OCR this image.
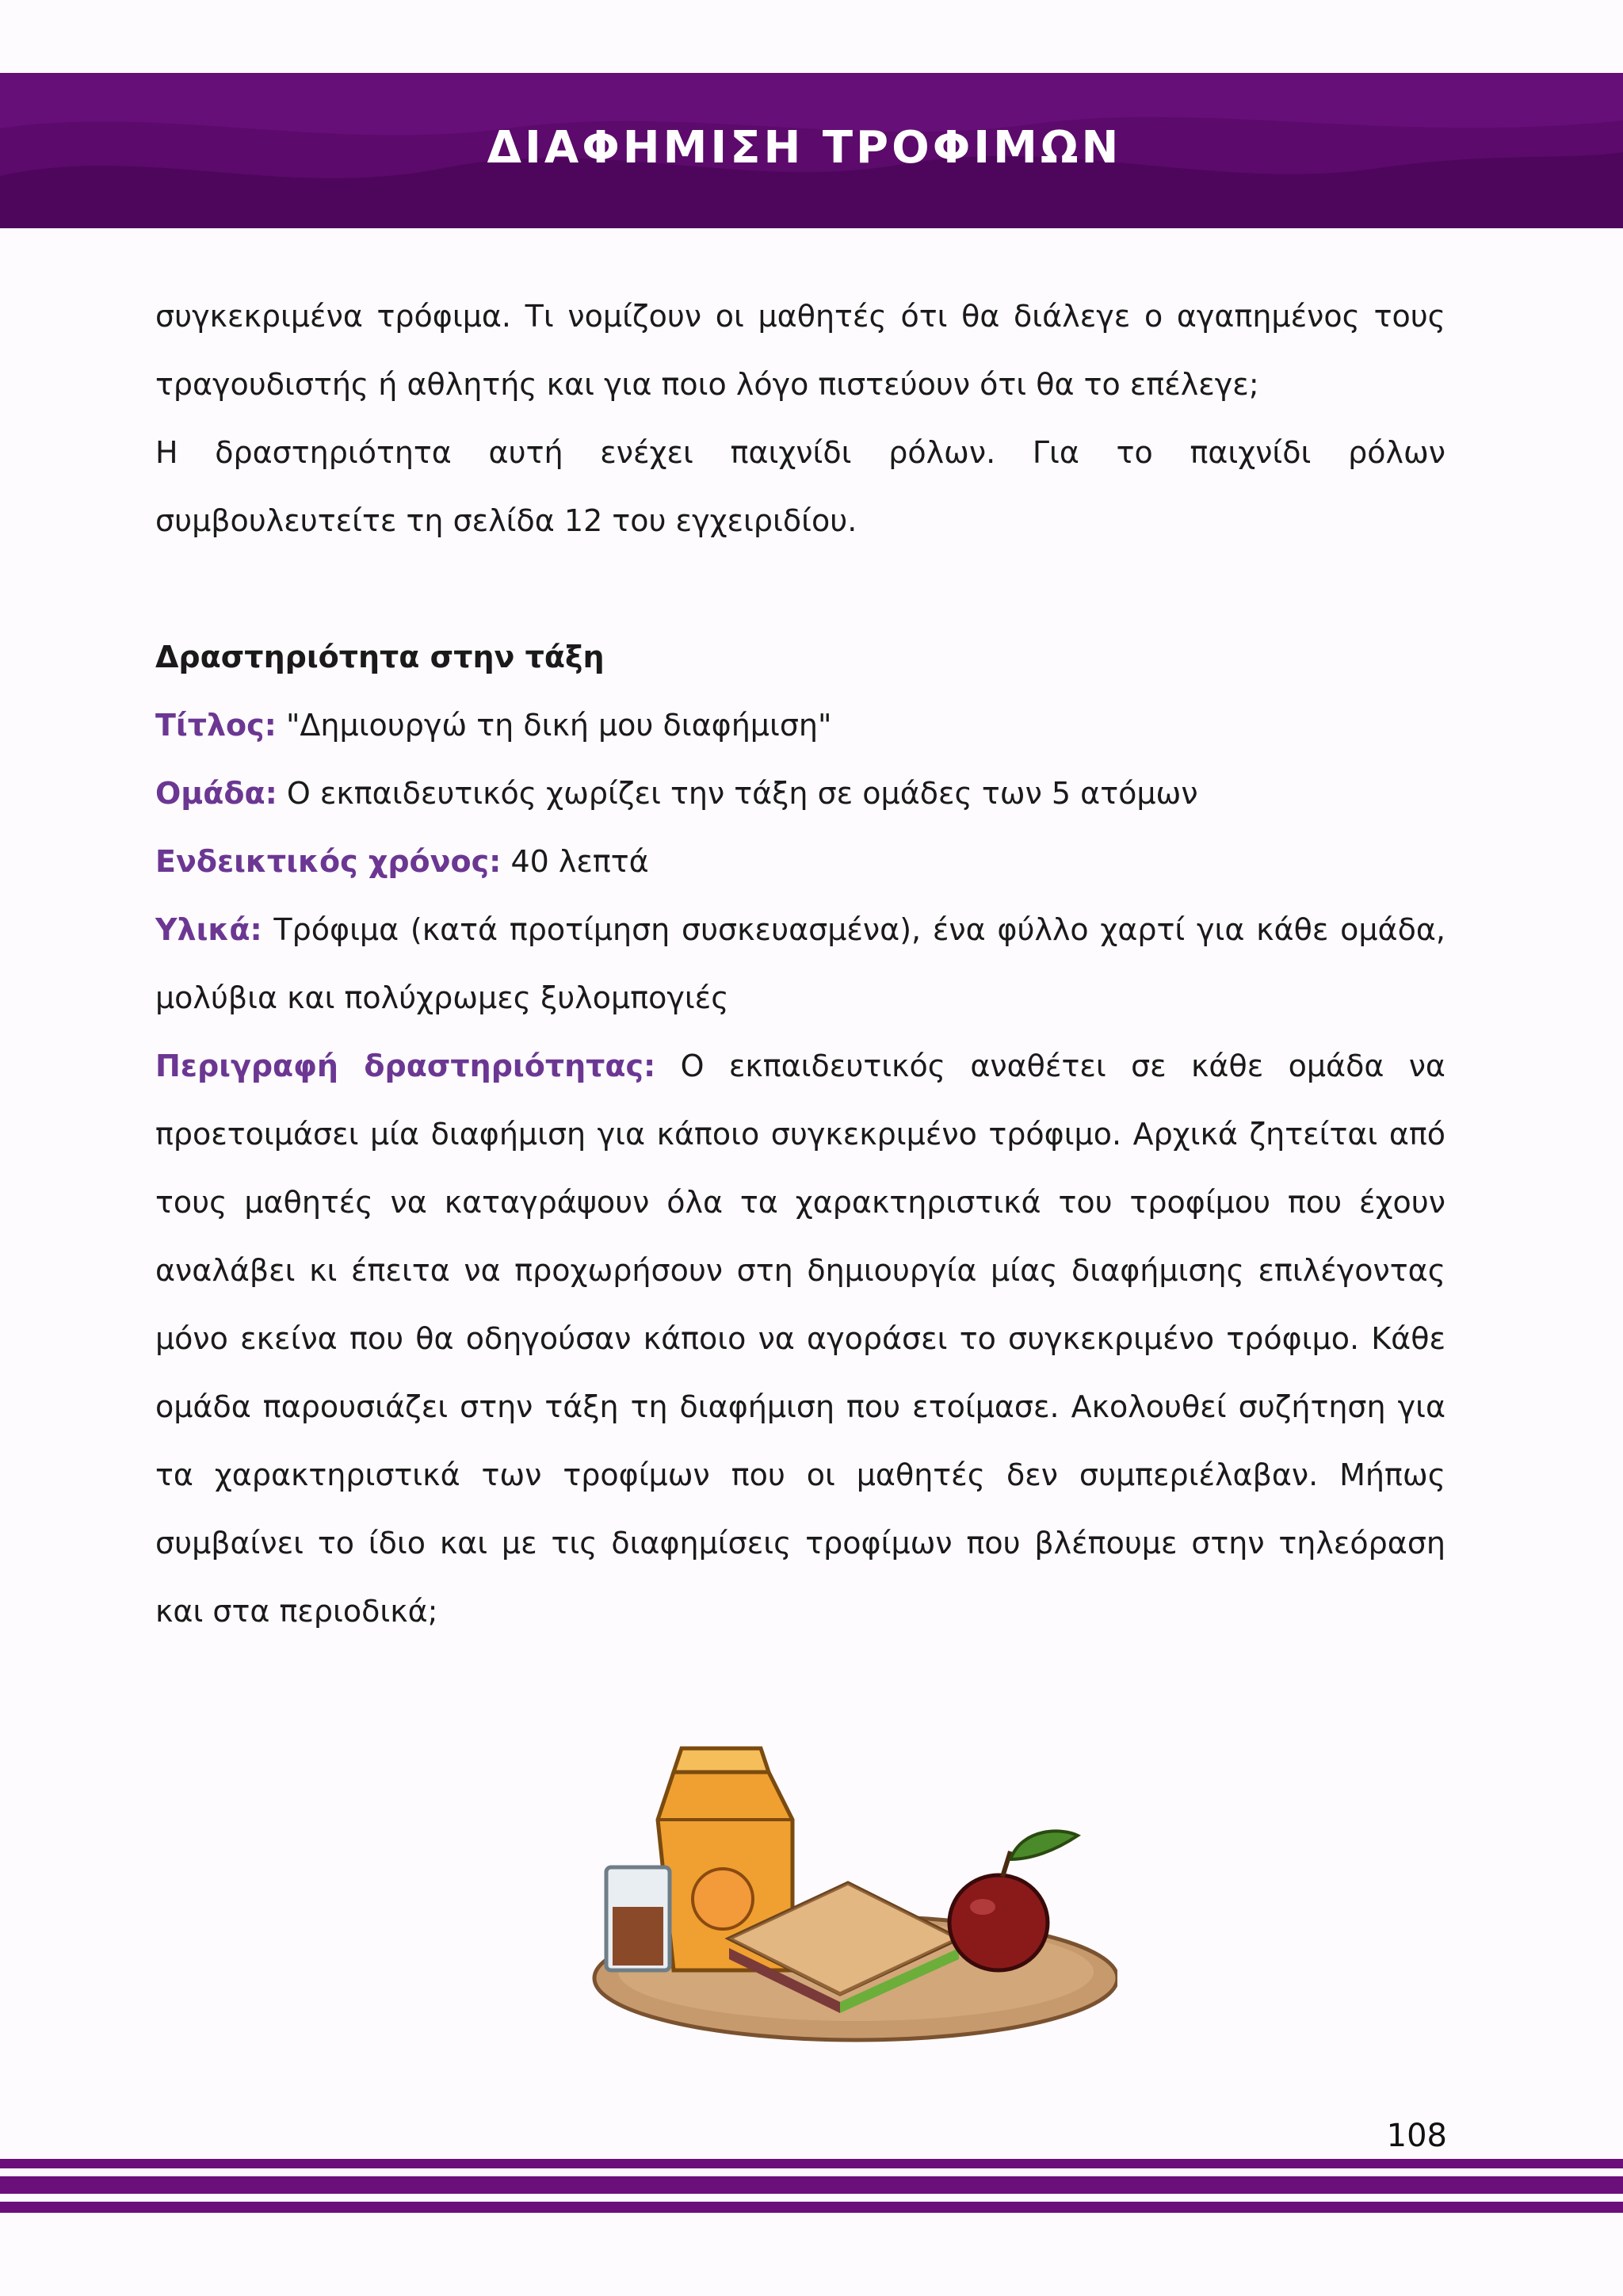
ΔΙΑΦΗΜΙΣΗ ΤΡΟΦΙΜΩΝ

συγκεκριμένα τρόφιμα. Τι νομίζουν οι μαθητές ότι θα διάλεγε ο αγαπημένος τους τραγουδιστής ή αθλητής και για ποιο λόγο πιστεύουν ότι θα το επέλεγε;

Η δραστηριότητα αυτή ενέχει παιχνίδι ρόλων. Για το παιχνίδι ρόλων συμβουλευτείτε τη σελίδα 12 του εγχειριδίου.

Δραστηριότητα στην τάξη

Τίτλος: "Δημιουργώ τη δική μου διαφήμιση"

Ομάδα: Ο εκπαιδευτικός χωρίζει την τάξη σε ομάδες των 5 ατόμων

Ενδεικτικός χρόνος: 40 λεπτά

Υλικά: Τρόφιμα (κατά προτίμηση συσκευασμένα), ένα φύλλο χαρτί για κάθε ομάδα, μολύβια και πολύχρωμες ξυλομπογιές

Περιγραφή δραστηριότητας: Ο εκπαιδευτικός αναθέτει σε κάθε ομάδα να προετοιμάσει μία διαφήμιση για κάποιο συγκεκριμένο τρόφιμο. Αρχικά ζητείται από τους μαθητές να καταγράψουν όλα τα χαρακτηριστικά του τροφίμου που έχουν αναλάβει κι έπειτα να προχωρήσουν στη δημιουργία μίας διαφήμισης επιλέγοντας μόνο εκείνα που θα οδηγούσαν κάποιο να αγοράσει το συγκεκριμένο τρόφιμο. Κάθε ομάδα παρουσιάζει στην τάξη τη διαφήμιση που ετοίμασε. Ακολουθεί συζήτηση για τα χαρακτηριστικά των τροφίμων που οι μαθητές δεν συμπεριέλαβαν. Μήπως συμβαίνει το ίδιο και με τις διαφημίσεις τροφίμων που βλέπουμε στην τηλεόραση και στα περιοδικά;

108
